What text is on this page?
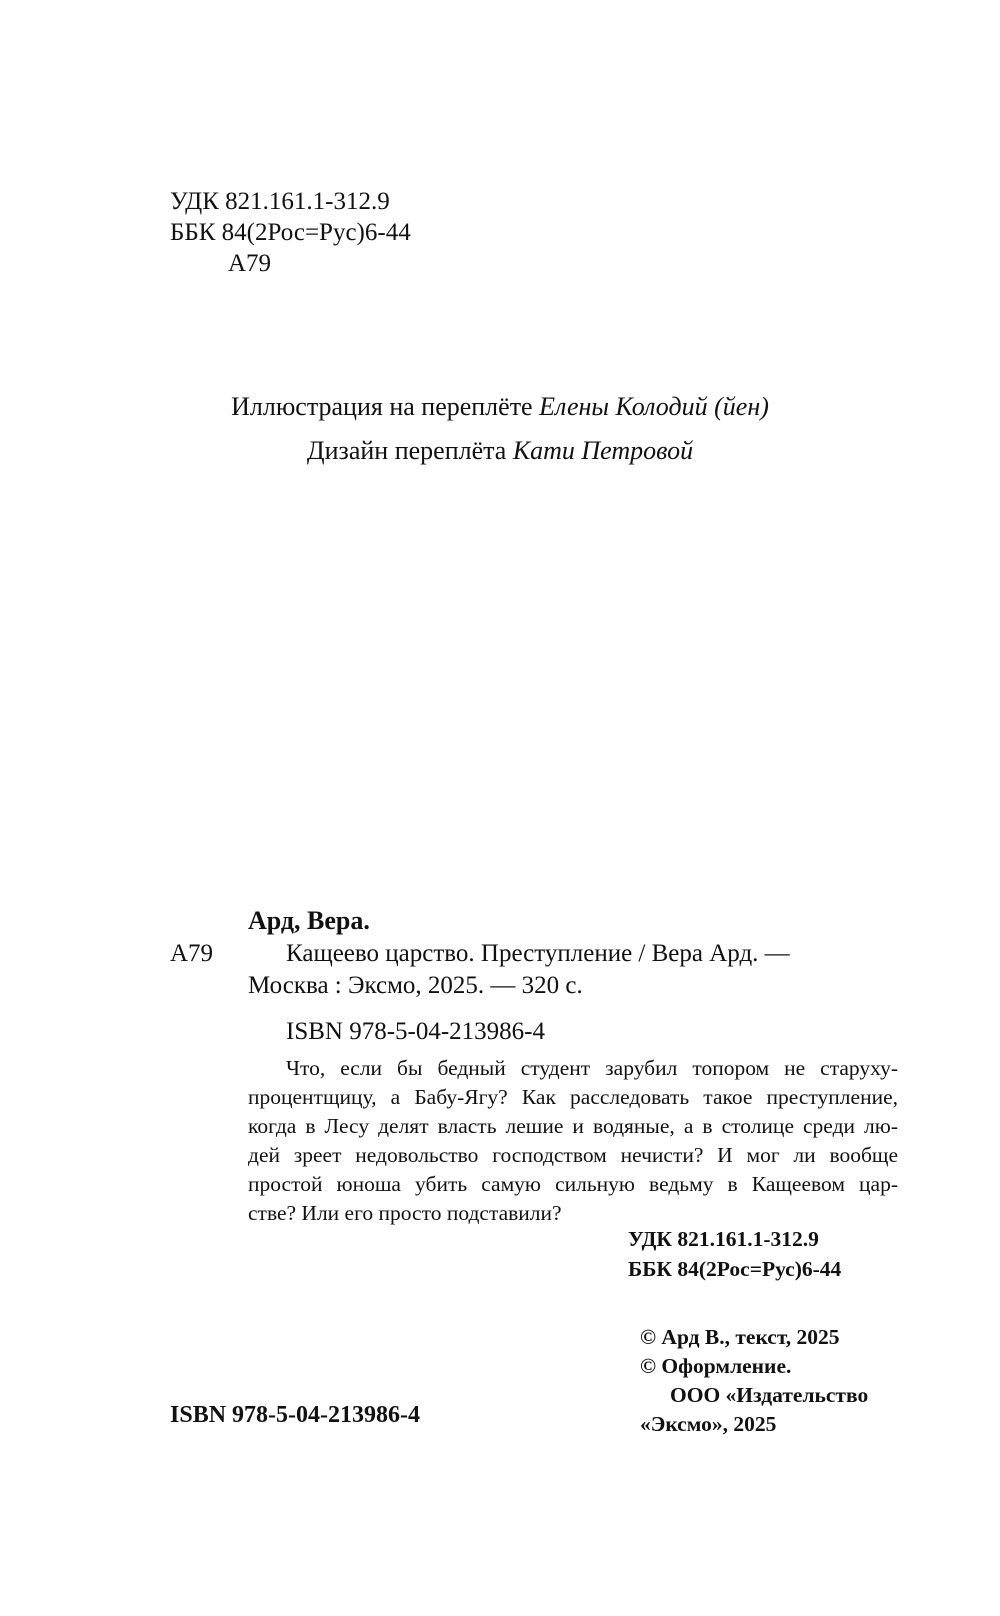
УДК 821.161.1-312.9
ББК 84(2Рос=Рус)6-44
А79
Иллюстрация на переплёте Елены Колодий (йен)
Дизайн переплёта Кати Петровой
Ард, Вера.
А79	Кащеево царство. Преступление / Вера Ард. —
Москва : Эксмо, 2025. — 320 с.
ISBN 978-5-04-213986-4
Что, если бы бедный студент зарубил топором не старуху-
процентщицу, а Бабу-Ягу? Как расследовать такое преступление,
когда в Лесу делят власть лешие и водяные, а в столице среди лю-
дей зреет недовольство господством нечисти? И мог ли вообще
простой юноша убить самую сильную ведьму в Кащеевом цар-
стве? Или его просто подставили?
УДК 821.161.1-312.9
ББК 84(2Рос=Рус)6-44
© Ард В., текст, 2025
© Оформление.
ООО «Издательство
«Эксмо», 2025
ISBN 978-5-04-213986-4
